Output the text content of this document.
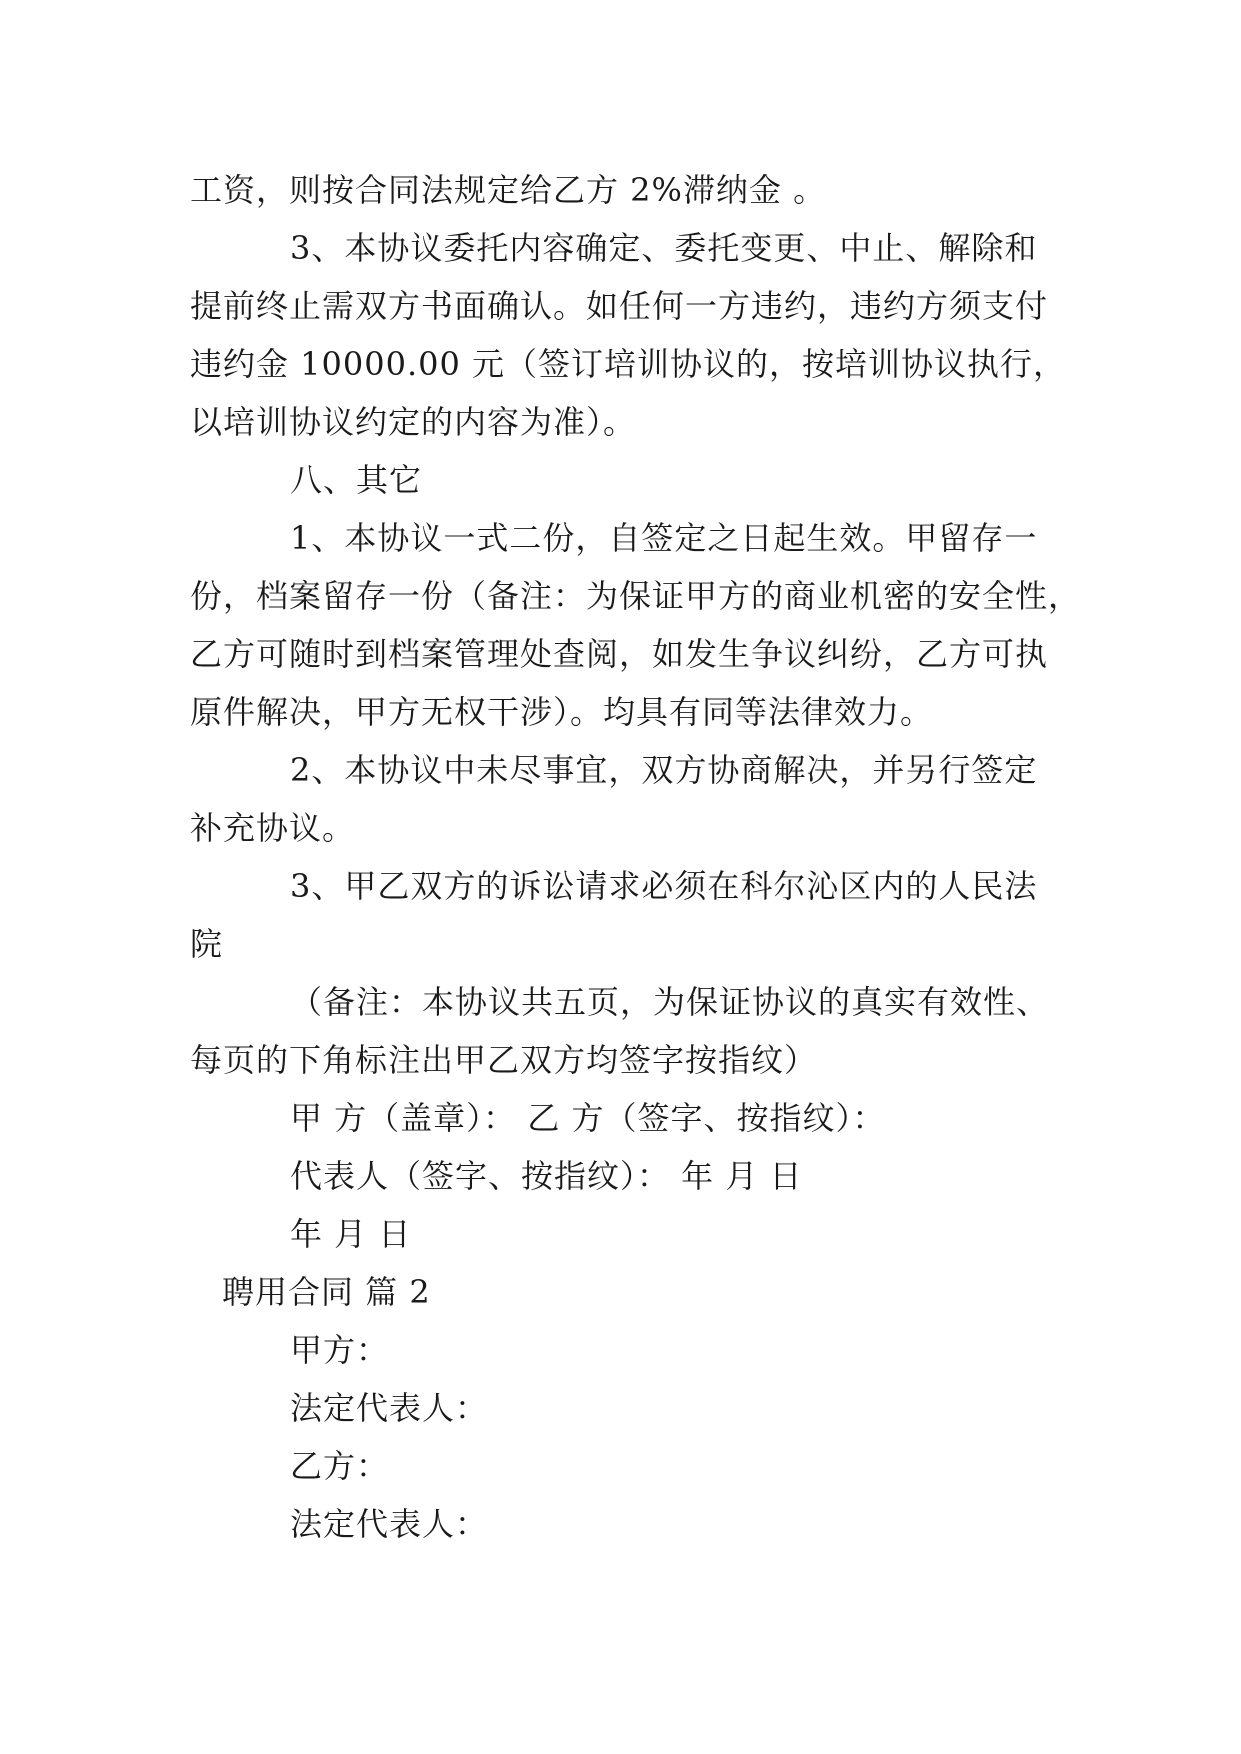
工资，则按合同法规定给乙方 2%滞纳金 。
3、本协议委托内容确定、委托变更、中止、解除和
提前终止需双方书面确认。如任何一方违约，违约方须支付
违约金 10000.00 元（签订培训协议的，按培训协议执行，
以培训协议约定的内容为准）。
八、其它
1、本协议一式二份，自签定之日起生效。甲留存一
份，档案留存一份（备注：为保证甲方的商业机密的安全性，
乙方可随时到档案管理处查阅，如发生争议纠纷，乙方可执
原件解决，甲方无权干涉）。均具有同等法律效力。
2、本协议中未尽事宜，双方协商解决，并另行签定
补充协议。
3、甲乙双方的诉讼请求必须在科尔沁区内的人民法
院
（备注：本协议共五页，为保证协议的真实有效性、
每页的下角标注出甲乙双方均签字按指纹）
甲 方（盖章）： 乙 方（签字、按指纹）：
代表人（签字、按指纹）： 年 月 日
年 月 日
聘用合同 篇 2
甲方：
法定代表人：
乙方：
法定代表人：
